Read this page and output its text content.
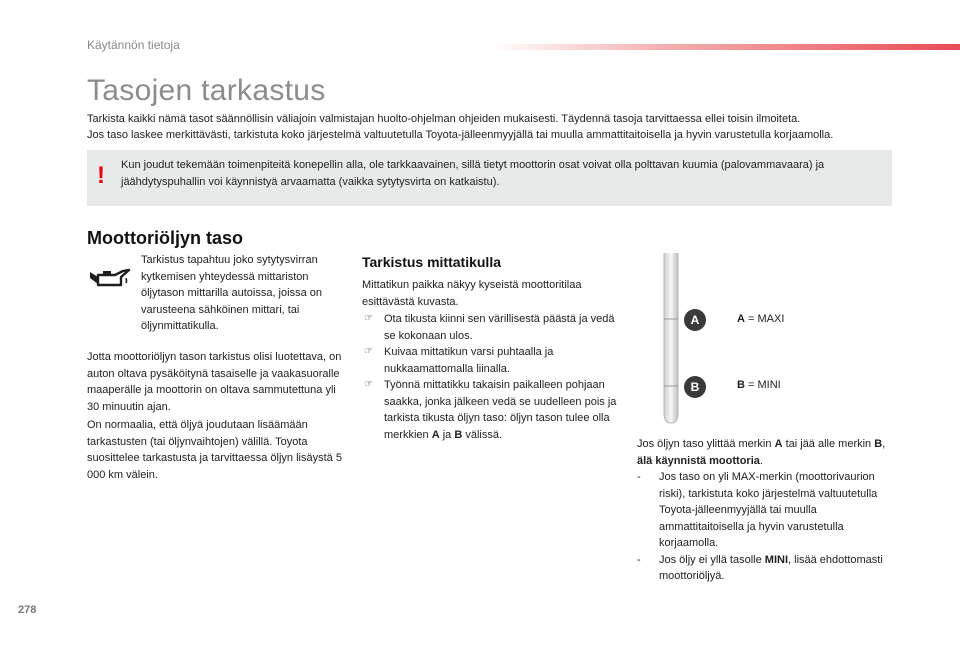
Käytännön tietoja
Tasojen tarkastus

Tarkista kaikki nämä tasot säännöllisin väliajoin valmistajan huolto-ohjelman ohjeiden mukaisesti. Täydennä tasoja tarvittaessa ellei toisin ilmoiteta.

Jos taso laskee merkittävästi, tarkistuta koko järjestelmä valtuutetulla Toyota-jälleenmyyjällä tai muulla ammattitaitoisella ja hyvin varustetulla korjaamolla.

! Kun joudut tekemään toimenpiteitä konepellin alla, ole tarkkaavainen, sillä tietyt moottorin osat voivat olla polttavan kuumia (palovammavaara) ja jäähdytyspuhallin voi käynnistyä arvaamatta (vaikka sytytysvirta on katkaistu).
Moottoriöljyn taso
Tarkistus tapahtuu joko sytytysvirran kytkemisen yhteydessä mittariston öljytason mittarilla autoissa, joissa on varusteena sähköinen mittari, tai öljynmittatikulla.
Jotta moottoriöljyn tason tarkistus olisi luotettava, on auton oltava pysäköitynä tasaiselle ja vaakasuoralle maaperälle ja moottorin on oltava sammutettuna yli 30 minuutin ajan.
On normaalia, että öljyä joudutaan lisäämään tarkastusten (tai öljynvaihtojen) välillä. Toyota suosittelee tarkastusta ja tarvittaessa öljyn lisäystä 5 000 km välein.
Tarkistus mittatikulla
Mittatikun paikka näkyy kyseistä moottoritilaa esittävästä kuvasta.
☞ Ota tikusta kiinni sen värillisestä päästä ja vedä se kokonaan ulos.
☞ Kuivaa mittatikun varsi puhtaalla ja nukkaamattomalla liinalla.
☞ Työnnä mittatikku takaisin paikalleen pohjaan saakka, jonka jälkeen vedä se uudelleen pois ja tarkista tikusta öljyn taso: öljyn tason tulee olla merkkien A ja B välissä.
A
B
A = MAXI
B = MINI

Jos öljyn taso ylittää merkin A tai jää alle merkin B, älä käynnistä moottoria.

- Jos taso on yli MAX-merkin (moottorivaurion riski), tarkistuta koko järjestelmä valtuutetulla Toyota-jälleenmyyjällä tai muulla ammattitaitoisella ja hyvin varustetulla korjaamolla.
- Jos öljy ei yllä tasolle MINI, lisää ehdottomasti moottoriöljyä.
278
